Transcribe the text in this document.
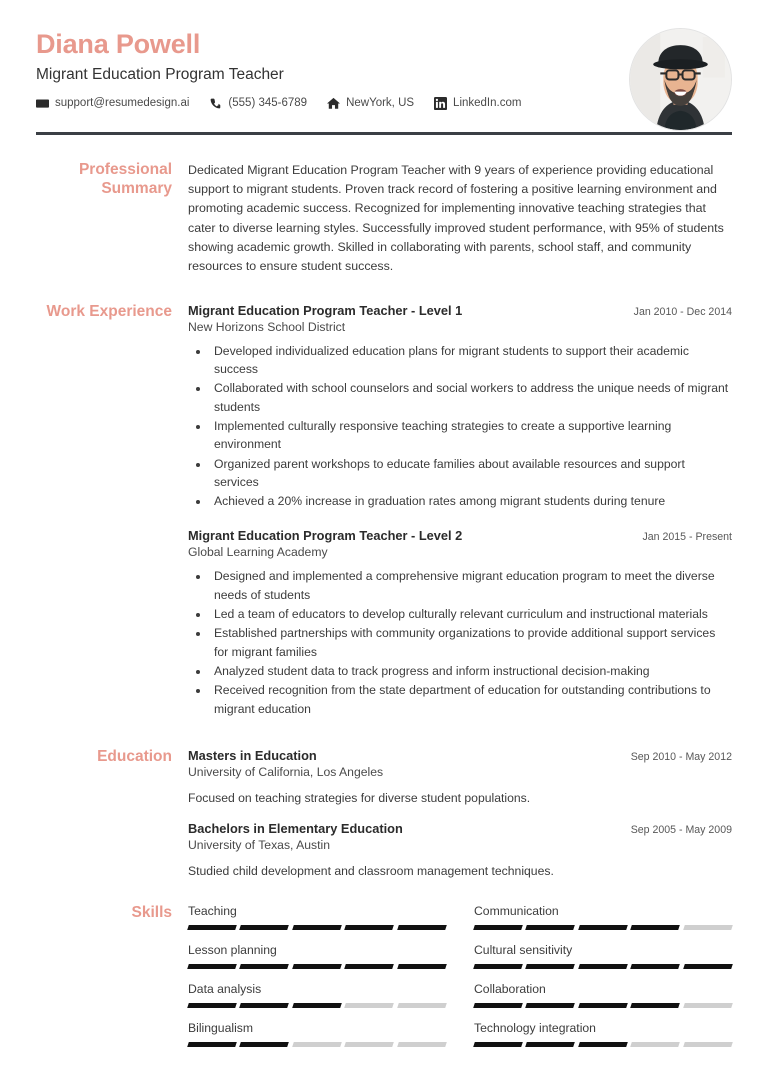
Diana Powell
Migrant Education Program Teacher
support@resumedesign.ai	(555) 345-6789	NewYork, US	LinkedIn.com
Professional Summary
Dedicated Migrant Education Program Teacher with 9 years of experience providing educational support to migrant students. Proven track record of fostering a positive learning environment and promoting academic success. Recognized for implementing innovative teaching strategies that cater to diverse learning styles. Successfully improved student performance, with 95% of students showing academic growth. Skilled in collaborating with parents, school staff, and community resources to ensure student success.
Work Experience	Migrant Education Program Teacher - Level 1	Jan 2010 - Dec 2014
New Horizons School District
• Developed individualized education plans for migrant students to support their academic success
• Collaborated with school counselors and social workers to address the unique needs of migrant students
• Implemented culturally responsive teaching strategies to create a supportive learning environment
• Organized parent workshops to educate families about available resources and support services
• Achieved a 20% increase in graduation rates among migrant students during tenure
Migrant Education Program Teacher - Level 2	Jan 2015 - Present
Global Learning Academy
• Designed and implemented a comprehensive migrant education program to meet the diverse needs of students
• Led a team of educators to develop culturally relevant curriculum and instructional materials
• Established partnerships with community organizations to provide additional support services for migrant families
• Analyzed student data to track progress and inform instructional decision-making
• Received recognition from the state department of education for outstanding contributions to migrant education
Education	Masters in Education	Sep 2010 - May 2012
University of California, Los Angeles
Focused on teaching strategies for diverse student populations.
Bachelors in Elementary Education	Sep 2005 - May 2009
University of Texas, Austin
Studied child development and classroom management techniques.
Skills	Teaching	Communication
Lesson planning	Cultural sensitivity
Data analysis	Collaboration
Bilingualism	Technology integration
